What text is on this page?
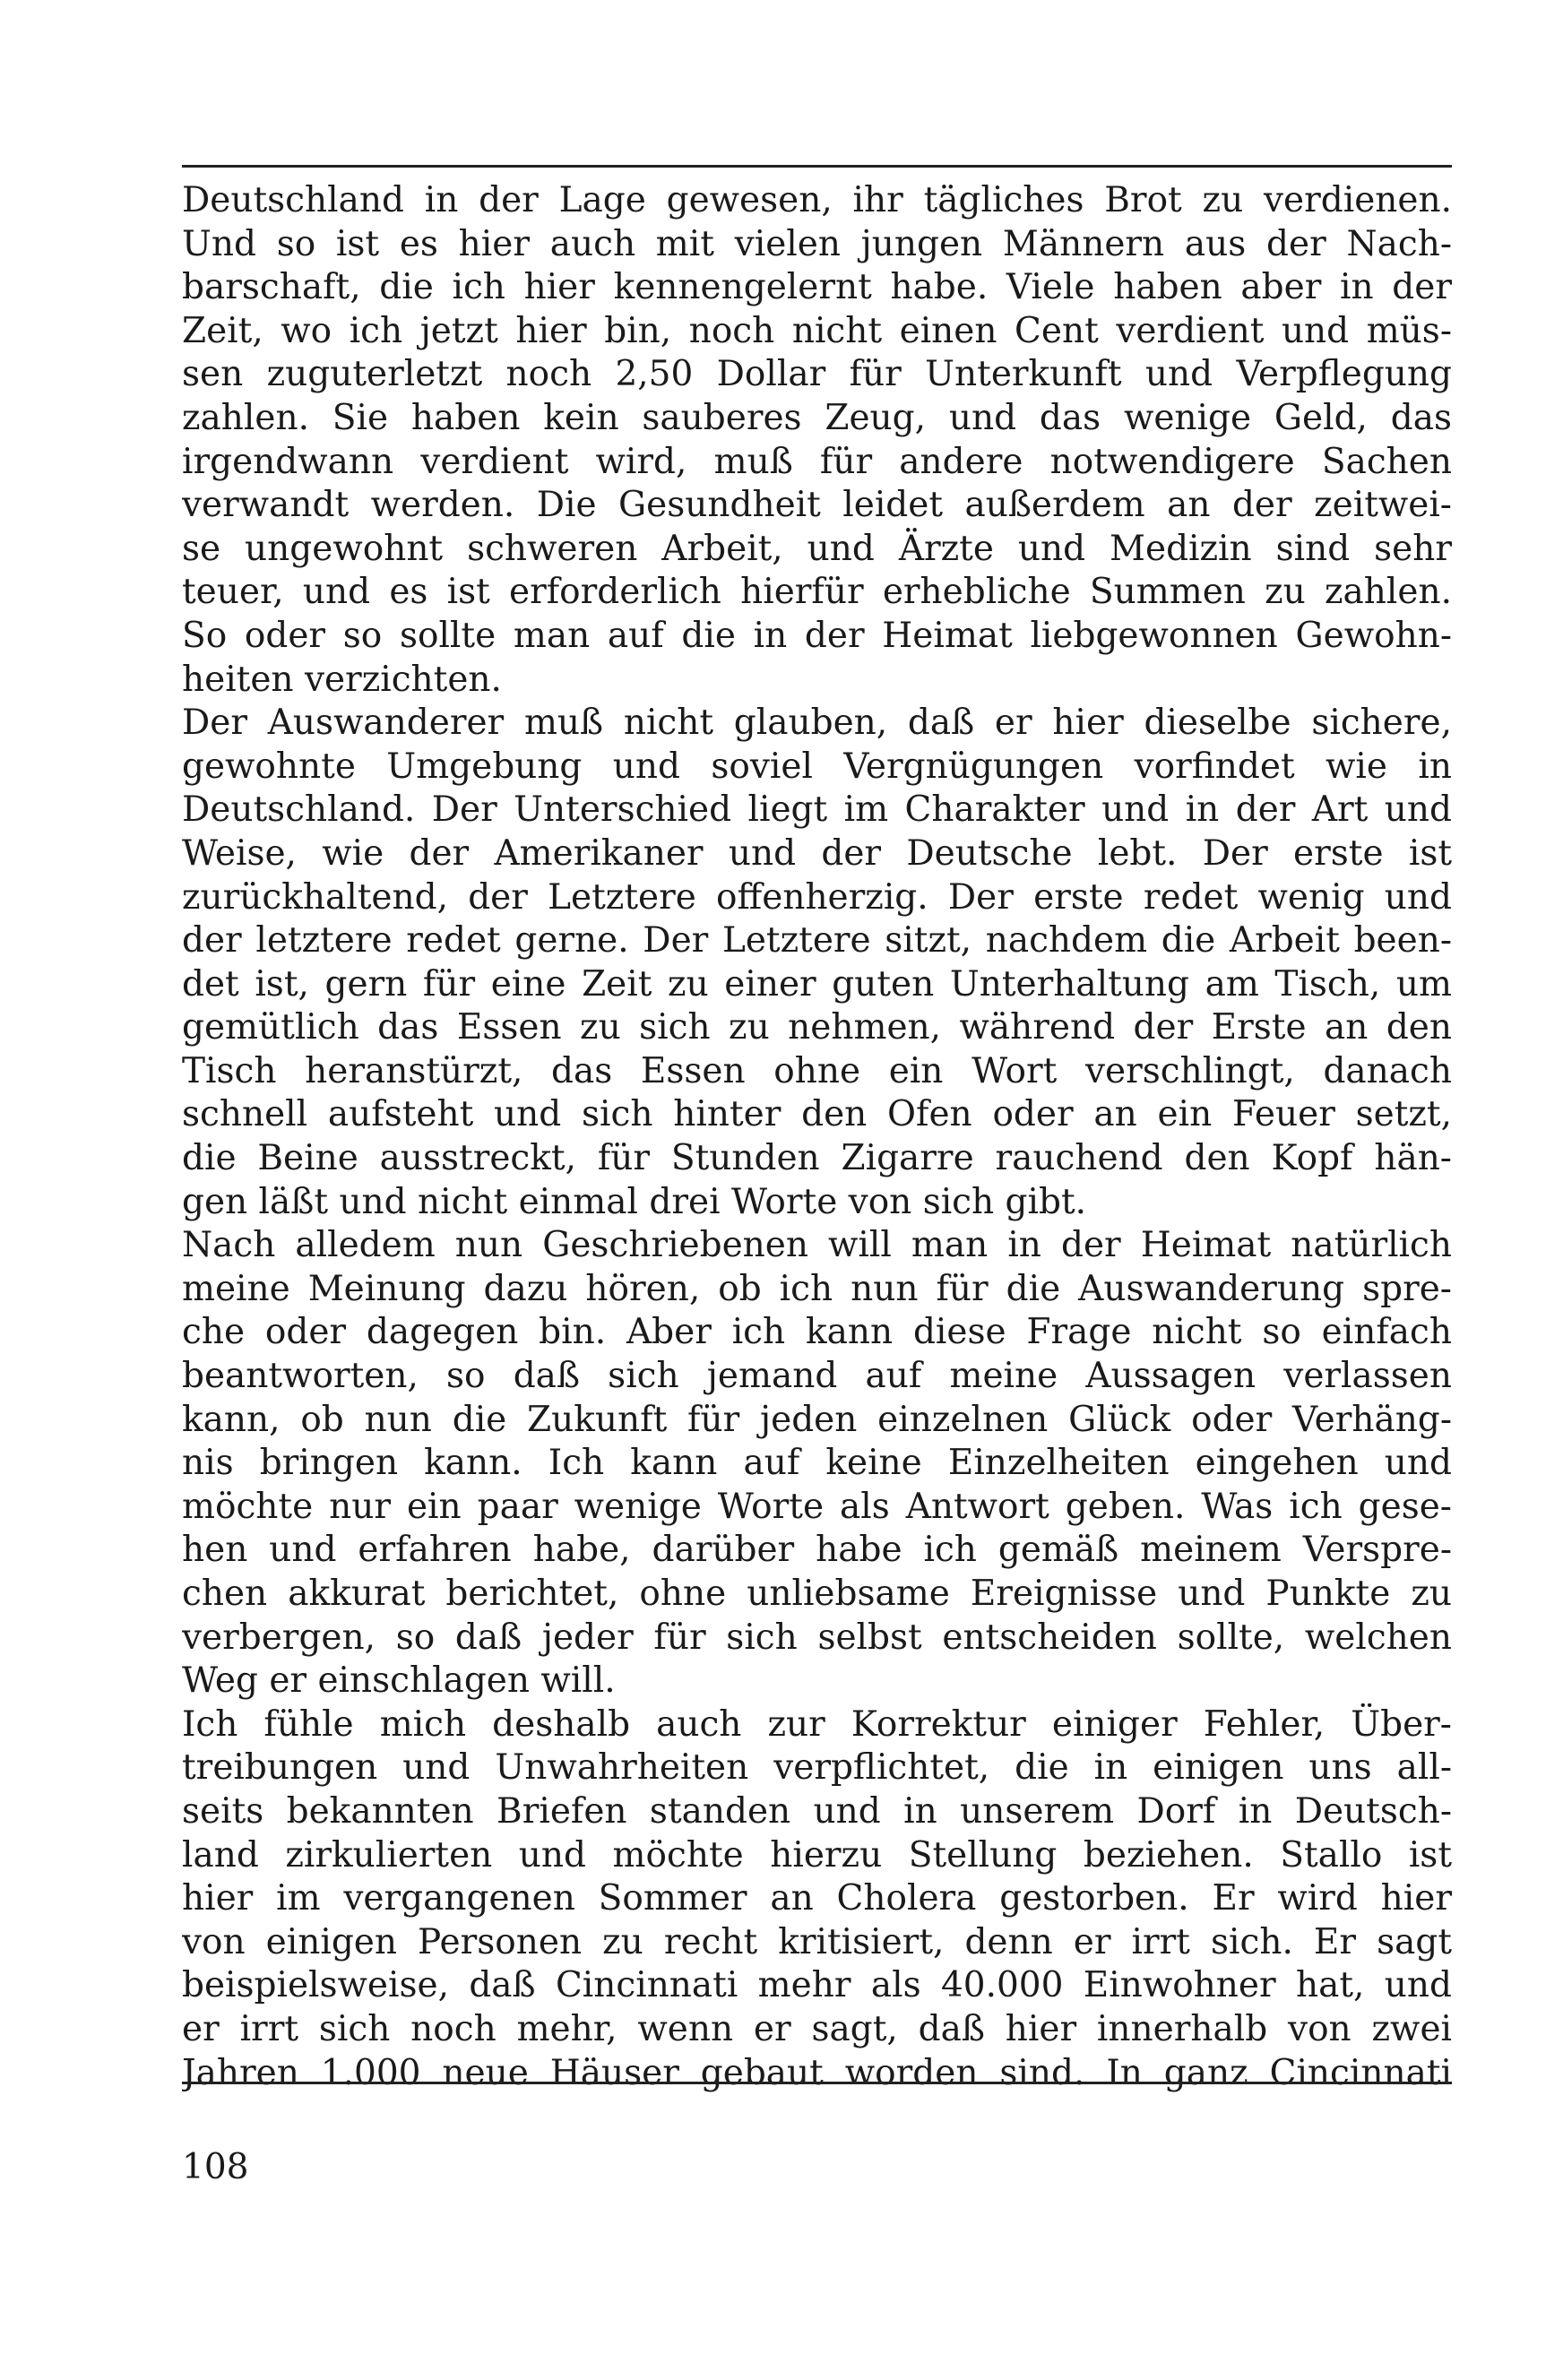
Deutschland in der Lage gewesen, ihr tägliches Brot zu verdienen.
Und so ist es hier auch mit vielen jungen Männern aus der Nach-
barschaft, die ich hier kennengelernt habe. Viele haben aber in der
Zeit, wo ich jetzt hier bin, noch nicht einen Cent verdient und müs-
sen zuguterletzt noch 2,50 Dollar für Unterkunft und Verpflegung
zahlen. Sie haben kein sauberes Zeug, und das wenige Geld, das
irgendwann verdient wird, muß für andere notwendigere Sachen
verwandt werden. Die Gesundheit leidet außerdem an der zeitwei-
se ungewohnt schweren Arbeit, und Ärzte und Medizin sind sehr
teuer, und es ist erforderlich hierfür erhebliche Summen zu zahlen.
So oder so sollte man auf die in der Heimat liebgewonnen Gewohn-
heiten verzichten.
Der Auswanderer muß nicht glauben, daß er hier dieselbe sichere,
gewohnte Umgebung und soviel Vergnügungen vorfindet wie in
Deutschland. Der Unterschied liegt im Charakter und in der Art und
Weise, wie der Amerikaner und der Deutsche lebt. Der erste ist
zurückhaltend, der Letztere offenherzig. Der erste redet wenig und
der letztere redet gerne. Der Letztere sitzt, nachdem die Arbeit been-
det ist, gern für eine Zeit zu einer guten Unterhaltung am Tisch, um
gemütlich das Essen zu sich zu nehmen, während der Erste an den
Tisch heranstürzt, das Essen ohne ein Wort verschlingt, danach
schnell aufsteht und sich hinter den Ofen oder an ein Feuer setzt,
die Beine ausstreckt, für Stunden Zigarre rauchend den Kopf hän-
gen läßt und nicht einmal drei Worte von sich gibt.
Nach alledem nun Geschriebenen will man in der Heimat natürlich
meine Meinung dazu hören, ob ich nun für die Auswanderung spre-
che oder dagegen bin. Aber ich kann diese Frage nicht so einfach
beantworten, so daß sich jemand auf meine Aussagen verlassen
kann, ob nun die Zukunft für jeden einzelnen Glück oder Verhäng-
nis bringen kann. Ich kann auf keine Einzelheiten eingehen und
möchte nur ein paar wenige Worte als Antwort geben. Was ich gese-
hen und erfahren habe, darüber habe ich gemäß meinem Verspre-
chen akkurat berichtet, ohne unliebsame Ereignisse und Punkte zu
verbergen, so daß jeder für sich selbst entscheiden sollte, welchen
Weg er einschlagen will.
Ich fühle mich deshalb auch zur Korrektur einiger Fehler, Über-
treibungen und Unwahrheiten verpflichtet, die in einigen uns all-
seits bekannten Briefen standen und in unserem Dorf in Deutsch-
land zirkulierten und möchte hierzu Stellung beziehen. Stallo ist
hier im vergangenen Sommer an Cholera gestorben. Er wird hier
von einigen Personen zu recht kritisiert, denn er irrt sich. Er sagt
beispielsweise, daß Cincinnati mehr als 40.000 Einwohner hat, und
er irrt sich noch mehr, wenn er sagt, daß hier innerhalb von zwei
Jahren 1.000 neue Häuser gebaut worden sind. In ganz Cincinnati
108
